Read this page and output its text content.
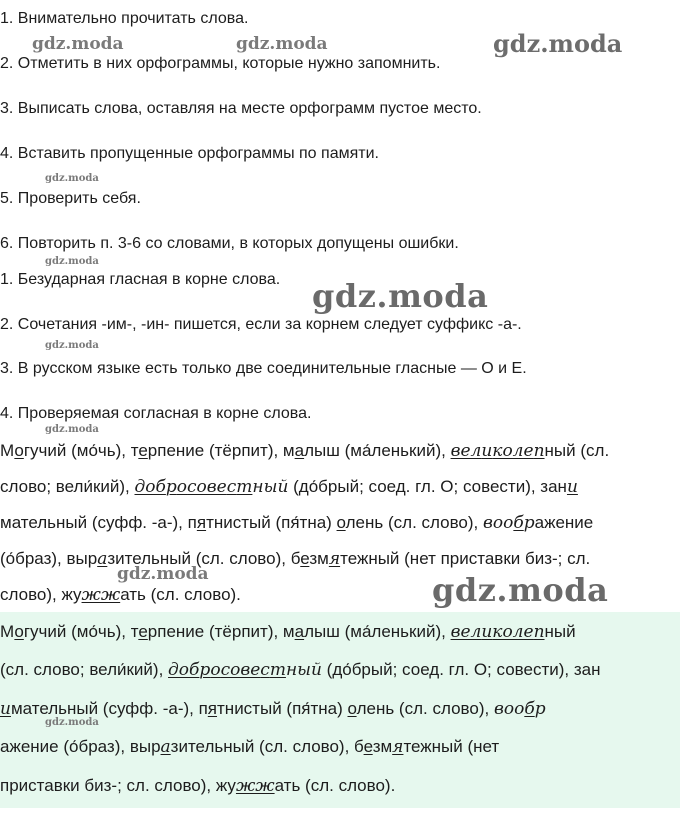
1. Внимательно прочитать слова.
2. Отметить в них орфограммы, которые нужно запомнить.
3. Выписать слова, оставляя на месте орфограмм пустое место.
4. Вставить пропущенные орфограммы по памяти.
5. Проверить себя.
6. Повторить п. 3-6 со словами, в которых допущены ошибки.
1. Безударная гласная в корне слова.
2. Сочетания -им-, -ин- пишется, если за корнем следует суффикс -а-.
3. В русском языке есть только две соединительные гласные — О и Е.
4. Проверяемая согласная в корне слова.
Могучий (мо́чь), терпение (тёрпит), малыш (ма́ленький), великолепный (сл.
слово; вели́кий), добросовестный (до́брый; соед. гл. О; совести), зани
мательный (суфф. -а-), пятнистый (пя́тна) олень (сл. слово), воображение
(о́браз), выразительный (сл. слово), безмятежный (нет приставки биз-; сл.
слово), жужжать (сл. слово).
Могучий (мо́чь), терпение (тёрпит), малыш (ма́ленький), великолепный
(сл. слово; вели́кий), добросовестный (до́брый; соед. гл. О; совести), зан
имательный (суфф. -а-), пятнистый (пя́тна) олень (сл. слово), вообр
ажение (о́браз), выразительный (сл. слово), безмятежный (нет
приставки биз-; сл. слово), жужжать (сл. слово).
gdz.moda	gdz.moda	gdz.moda
gdz.moda
gdz.moda
gdz.moda
gdz.moda
gdz.moda
gdz.moda	gdz.moda
gdz.moda
